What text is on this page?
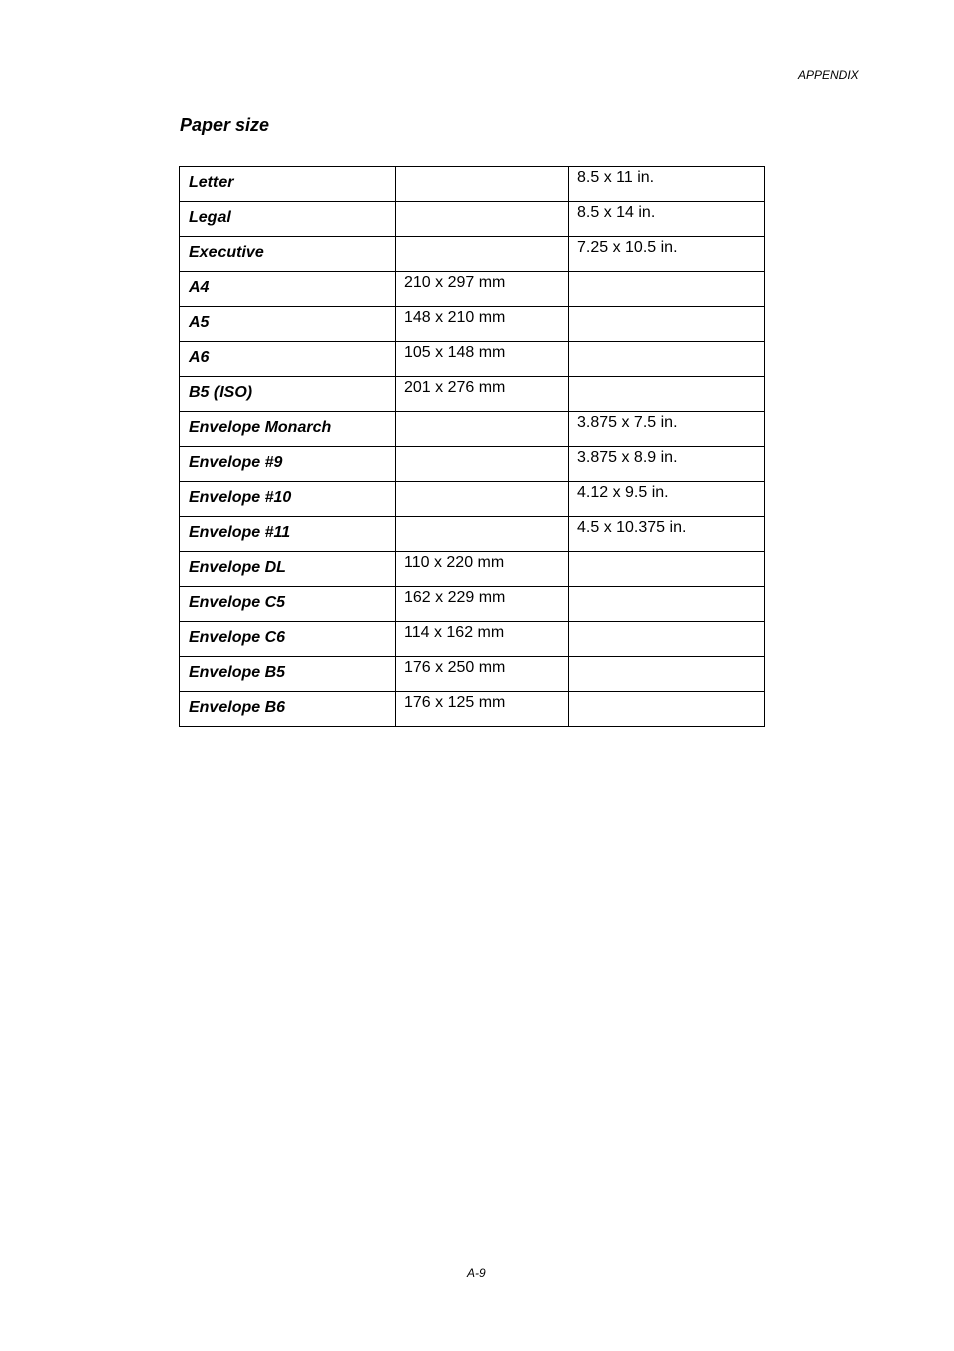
APPENDIX
Paper size
Letter		8.5 x 11 in.
Legal		8.5 x 14 in.
Executive		7.25 x 10.5 in.
A4	210 x 297 mm	
A5	148 x 210 mm	
A6	105 x 148 mm	
B5 (ISO)	201 x 276 mm	
Envelope Monarch		3.875 x 7.5 in.
Envelope #9		3.875 x 8.9 in.
Envelope #10		4.12 x 9.5 in.
Envelope #11		4.5 x 10.375 in.
Envelope DL	110 x 220 mm	
Envelope C5	162 x 229 mm	
Envelope C6	114 x 162 mm	
Envelope B5	176 x 250 mm	
Envelope B6	176 x 125 mm	
A-9
